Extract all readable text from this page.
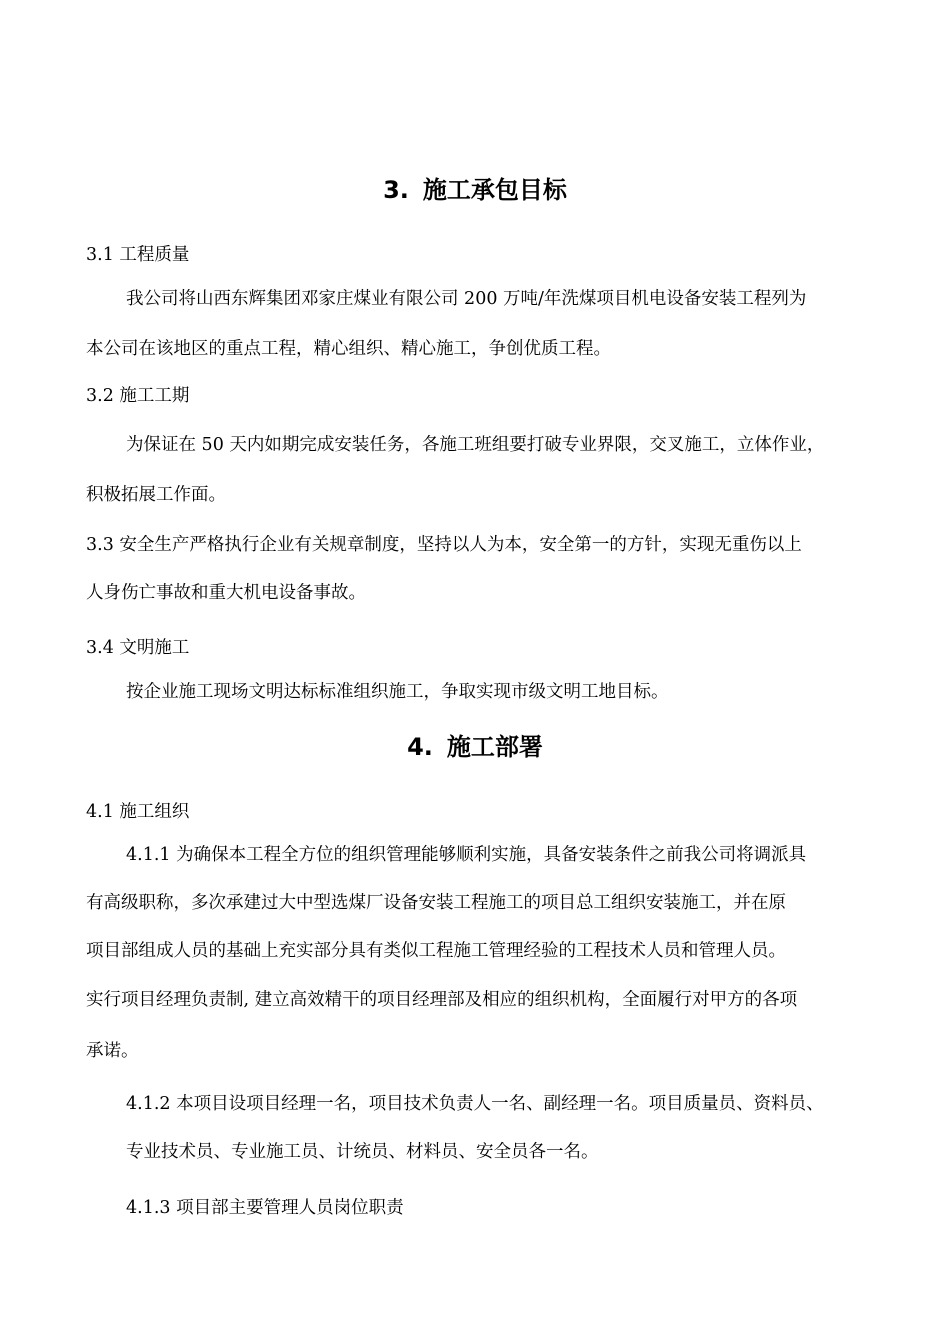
3. 施工承包目标
3.1 工程质量
我公司将山西东辉集团邓家庄煤业有限公司 200 万吨/年洗煤项目机电设备安装工程列为
本公司在该地区的重点工程，精心组织、精心施工，争创优质工程。
3.2 施工工期
为保证在 50 天内如期完成安装任务，各施工班组要打破专业界限，交叉施工，立体作业，
积极拓展工作面。
3.3 安全生产严格执行企业有关规章制度，坚持以人为本，安全第一的方针，实现无重伤以上
人身伤亡事故和重大机电设备事故。
3.4 文明施工
按企业施工现场文明达标标准组织施工，争取实现市级文明工地目标。
4. 施工部署
4.1 施工组织
4.1.1 为确保本工程全方位的组织管理能够顺利实施，具备安装条件之前我公司将调派具
有高级职称，多次承建过大中型选煤厂设备安装工程施工的项目总工组织安装施工，并在原
项目部组成人员的基础上充实部分具有类似工程施工管理经验的工程技术人员和管理人员。
实行项目经理负责制, 建立高效精干的项目经理部及相应的组织机构，全面履行对甲方的各项
承诺。
4.1.2 本项目设项目经理一名，项目技术负责人一名、副经理一名。项目质量员、资料员、
专业技术员、专业施工员、计统员、材料员、安全员各一名。
4.1.3 项目部主要管理人员岗位职责
